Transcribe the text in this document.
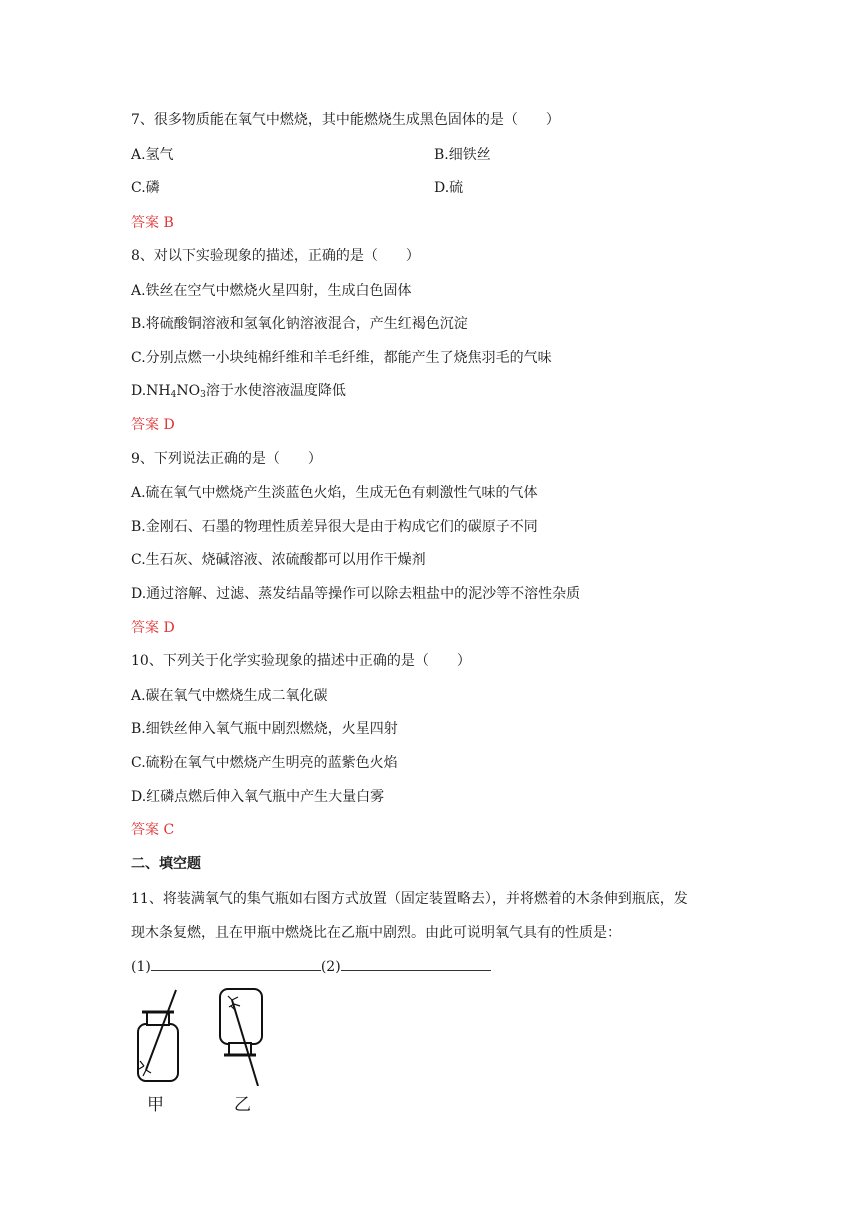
7、很多物质能在氧气中燃烧，其中能燃烧生成黑色固体的是（　　）
A.氢气	B.细铁丝
C.磷	D.硫
答案 B
8、对以下实验现象的描述，正确的是（　　）
A.铁丝在空气中燃烧火星四射，生成白色固体
B.将硫酸铜溶液和氢氧化钠溶液混合，产生红褐色沉淀
C.分别点燃一小块纯棉纤维和羊毛纤维，都能产生了烧焦羽毛的气味
$D.NH_4NO_3$溶于水使溶液温度降低
答案 D
9、下列说法正确的是（　　）
A.硫在氧气中燃烧产生淡蓝色火焰，生成无色有刺激性气味的气体
B.金刚石、石墨的物理性质差异很大是由于构成它们的碳原子不同
C.生石灰、烧碱溶液、浓硫酸都可以用作干燥剂
D.通过溶解、过滤、蒸发结晶等操作可以除去粗盐中的泥沙等不溶性杂质
答案 D
10、下列关于化学实验现象的描述中正确的是（　　）
A.碳在氧气中燃烧生成二氧化碳
B.细铁丝伸入氧气瓶中剧烈燃烧，火星四射
C.硫粉在氧气中燃烧产生明亮的蓝紫色火焰
D.红磷点燃后伸入氧气瓶中产生大量白雾
答案 C
二、填空题
11、将装满氧气的集气瓶如右图方式放置（固定装置略去），并将燃着的木条伸到瓶底，发
现木条复燃，且在甲瓶中燃烧比在乙瓶中剧烈。由此可说明氧气具有的性质是：
(1)	(2)
甲	乙
